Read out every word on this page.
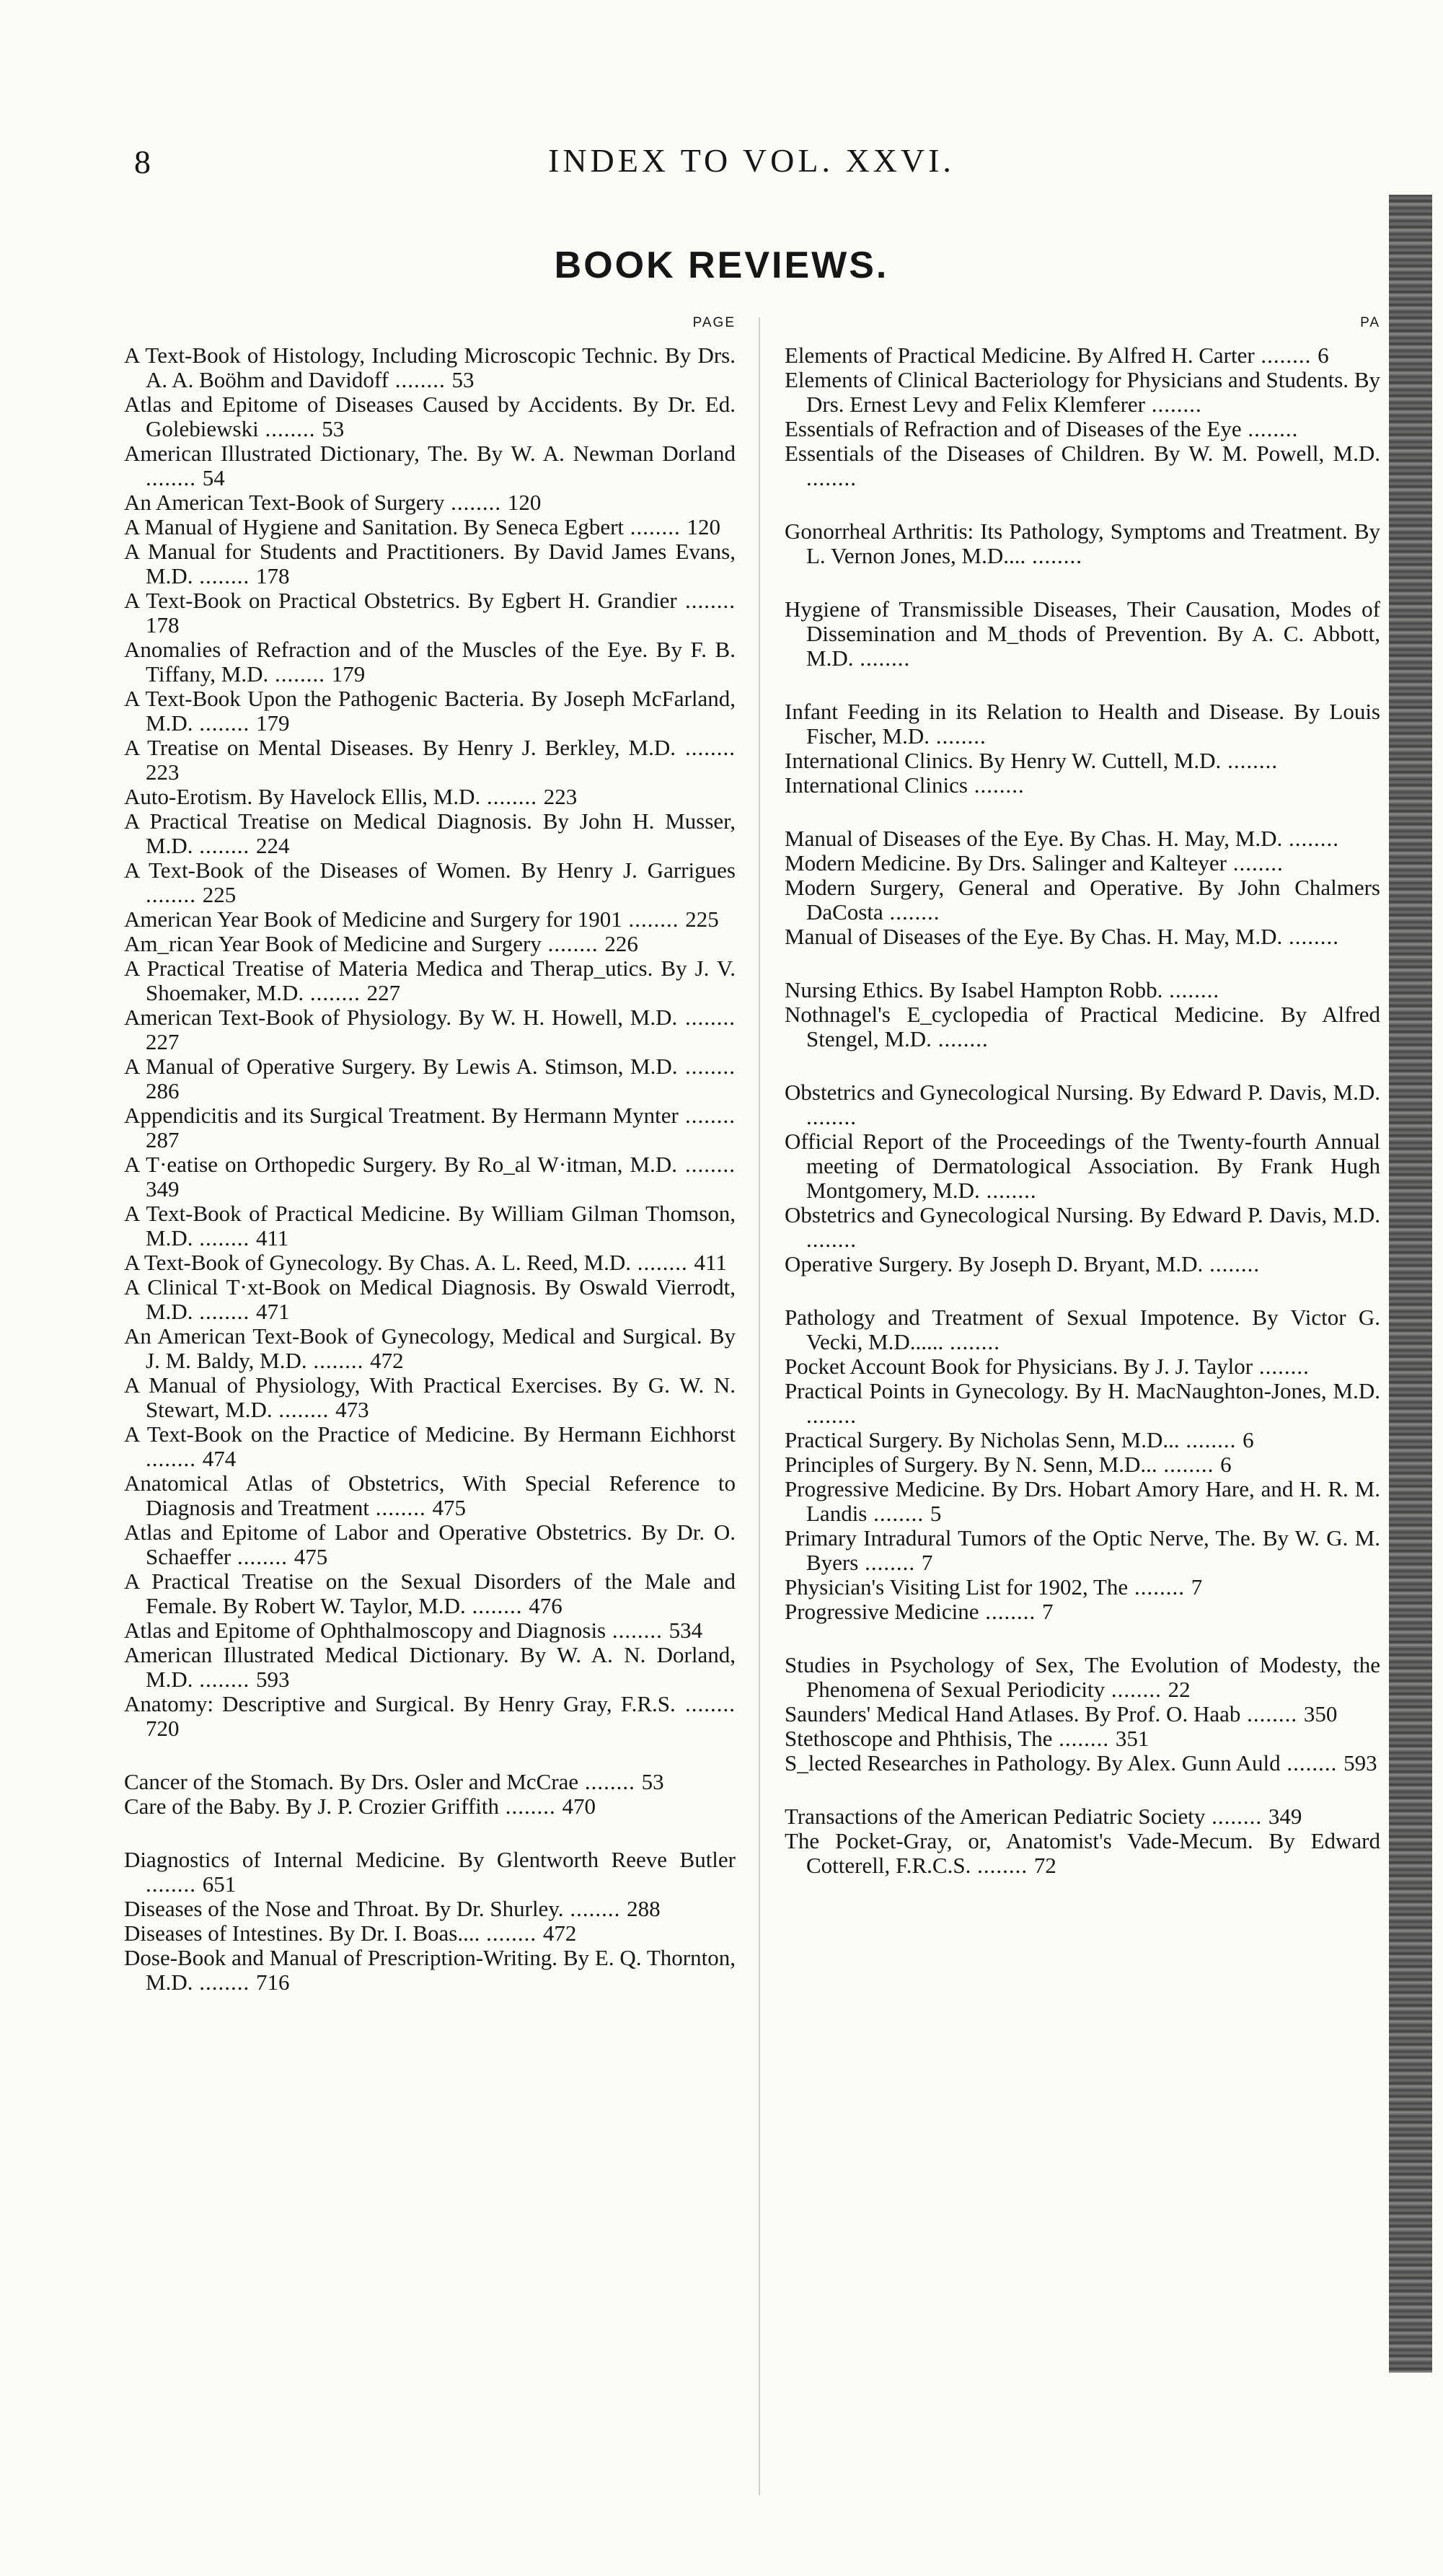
8	INDEX TO VOL. XXVI.
BOOK REVIEWS.
PAGE
A Text-Book of Histology, Including Microscopic Technic. By Drs. A. A. Boöhm and Davidoff ........ 53
Atlas and Epitome of Diseases Caused by Accidents. By Dr. Ed. Golebiewski ........ 53
American Illustrated Dictionary, The. By W. A. Newman Dorland ........ 54
An American Text-Book of Surgery ........ 120
A Manual of Hygiene and Sanitation. By Seneca Egbert ........ 120
A Manual for Students and Practitioners. By David James Evans, M.D. ........ 178
A Text-Book on Practical Obstetrics. By Egbert H. Grandier ........ 178
Anomalies of Refraction and of the Muscles of the Eye. By F. B. Tiffany, M.D. ........ 179
A Text-Book Upon the Pathogenic Bacteria. By Joseph McFarland, M.D. ........ 179
A Treatise on Mental Diseases. By Henry J. Berkley, M.D. ........ 223
Auto-Erotism. By Havelock Ellis, M.D. ........ 223
A Practical Treatise on Medical Diagnosis. By John H. Musser, M.D. ........ 224
A Text-Book of the Diseases of Women. By Henry J. Garrigues ........ 225
American Year Book of Medicine and Surgery for 1901 ........ 225
Am_rican Year Book of Medicine and Surgery ........ 226
A Practical Treatise of Materia Medica and Therap_utics. By J. V. Shoemaker, M.D. ........ 227
American Text-Book of Physiology. By W. H. Howell, M.D. ........ 227
A Manual of Operative Surgery. By Lewis A. Stimson, M.D. ........ 286
Appendicitis and its Surgical Treatment. By Hermann Mynter ........ 287
A T·eatise on Orthopedic Surgery. By Ro_al W·itman, M.D. ........ 349
A Text-Book of Practical Medicine. By William Gilman Thomson, M.D. ........ 411
A Text-Book of Gynecology. By Chas. A. L. Reed, M.D. ........ 411
A Clinical T·xt-Book on Medical Diagnosis. By Oswald Vierrodt, M.D. ........ 471
An American Text-Book of Gynecology, Medical and Surgical. By J. M. Baldy, M.D. ........ 472
A Manual of Physiology, With Practical Exercises. By G. W. N. Stewart, M.D. ........ 473
A Text-Book on the Practice of Medicine. By Hermann Eichhorst ........ 474
Anatomical Atlas of Obstetrics, With Special Reference to Diagnosis and Treatment ........ 475
Atlas and Epitome of Labor and Operative Obstetrics. By Dr. O. Schaeffer ........ 475
A Practical Treatise on the Sexual Disorders of the Male and Female. By Robert W. Taylor, M.D. ........ 476
Atlas and Epitome of Ophthalmoscopy and Diagnosis ........ 534
American Illustrated Medical Dictionary. By W. A. N. Dorland, M.D. ........ 593
Anatomy: Descriptive and Surgical. By Henry Gray, F.R.S. ........ 720
Cancer of the Stomach. By Drs. Osler and McCrae ........ 53
Care of the Baby. By J. P. Crozier Griffith ........ 470
Diagnostics of Internal Medicine. By Glentworth Reeve Butler ........ 651
Diseases of the Nose and Throat. By Dr. Shurley. ........ 288
Diseases of Intestines. By Dr. I. Boas.... ........ 472
Dose-Book and Manual of Prescription-Writing. By E. Q. Thornton, M.D. ........ 716
PA
Elements of Practical Medicine. By Alfred H. Carter ........ 6
Elements of Clinical Bacteriology for Physicians and Students. By Drs. Ernest Levy and Felix Klemferer ........
Essentials of Refraction and of Diseases of the Eye ........
Essentials of the Diseases of Children. By W. M. Powell, M.D. ........
Gonorrheal Arthritis: Its Pathology, Symptoms and Treatment. By L. Vernon Jones, M.D.... ........
Hygiene of Transmissible Diseases, Their Causation, Modes of Dissemination and M_thods of Prevention. By A. C. Abbott, M.D. ........
Infant Feeding in its Relation to Health and Disease. By Louis Fischer, M.D. ........
International Clinics. By Henry W. Cuttell, M.D. ........
International Clinics ........
Manual of Diseases of the Eye. By Chas. H. May, M.D. ........
Modern Medicine. By Drs. Salinger and Kalteyer ........
Modern Surgery, General and Operative. By John Chalmers DaCosta ........
Manual of Diseases of the Eye. By Chas. H. May, M.D. ........
Nursing Ethics. By Isabel Hampton Robb. ........
Nothnagel's E_cyclopedia of Practical Medicine. By Alfred Stengel, M.D. ........
Obstetrics and Gynecological Nursing. By Edward P. Davis, M.D. ........
Official Report of the Proceedings of the Twenty-fourth Annual meeting of Dermatological Association. By Frank Hugh Montgomery, M.D. ........
Obstetrics and Gynecological Nursing. By Edward P. Davis, M.D. ........
Operative Surgery. By Joseph D. Bryant, M.D. ........
Pathology and Treatment of Sexual Impotence. By Victor G. Vecki, M.D...... ........
Pocket Account Book for Physicians. By J. J. Taylor ........
Practical Points in Gynecology. By H. MacNaughton-Jones, M.D. ........
Practical Surgery. By Nicholas Senn, M.D... ........ 6
Principles of Surgery. By N. Senn, M.D... ........ 6
Progressive Medicine. By Drs. Hobart Amory Hare, and H. R. M. Landis ........ 5
Primary Intradural Tumors of the Optic Nerve, The. By W. G. M. Byers ........ 7
Physician's Visiting List for 1902, The ........ 7
Progressive Medicine ........ 7
Studies in Psychology of Sex, The Evolution of Modesty, the Phenomena of Sexual Periodicity ........ 22
Saunders' Medical Hand Atlases. By Prof. O. Haab ........ 350
Stethoscope and Phthisis, The ........ 351
S_lected Researches in Pathology. By Alex. Gunn Auld ........ 593
Transactions of the American Pediatric Society ........ 349
The Pocket-Gray, or, Anatomist's Vade-Mecum. By Edward Cotterell, F.R.C.S. ........ 72
